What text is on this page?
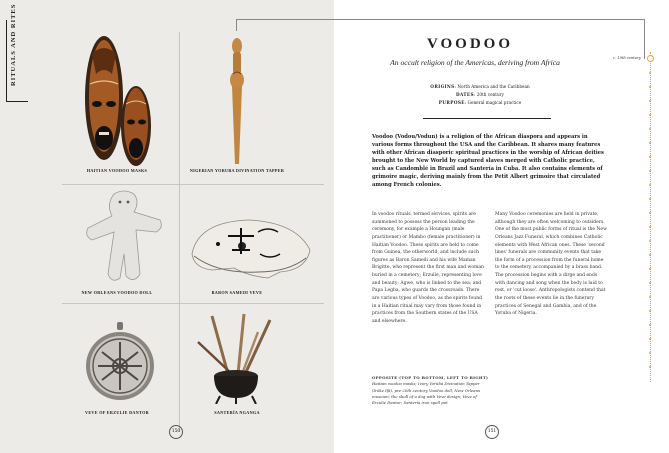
RITUALS AND RITES
HAITIAN VOODOO MASKS	NIGERIAN YORUBA DIVINATION TAPPER
NEW ORLEANS VOODOO DOLL	BARON SAMEDI VEVE
VEVE OF ERZULIE DANTOR	SANTERÍA NGANGA
150
c. 19th century
VOODOO
An occult religion of the Americas, deriving from Africa
ORIGINS: North America and the Caribbean
DATES: 20th century
PURPOSE: General magical practice
Voodoo (Vodou/Vodun) is a religion of the African diaspora and appears in various forms throughout the USA and the Caribbean. It shares many features with other African diasporic spiritual practices in the worship of African deities brought to the New World by captured slaves merged with Catholic practice, such as Candomblé in Brazil and Santería in Cuba. It also contains elements of grimoire magic, deriving mainly from the Petit Albert grimoire that circulated among French colonies.
In voodoo rituals, termed sèrvices, spirits are summoned to possess the person leading the ceremony, for example a Houngan (male practitioner) or Mambo (female practitioner) in Haitian Voodoo. These spirits are held to come from Guinea, the otherworld, and include such figures as Baron Samedi and his wife Maman Brigitte, who represent the first man and woman buried in a cemetery; Erzulie, representing love and beauty; Agwe, who is linked to the sea; and Papa Legba, who guards the crossroads. There are various types of Voodoo, as the spirits found in a Haitian ritual may vary from those found in practices from the Southern states of the USA and elsewhere.
Many Voodoo ceremonies are held in private, although they are often welcoming to outsiders. One of the most public forms of ritual is the New Orleans Jazz Funeral, which combines Catholic elements with West African ones. These 'second lines' funerals are community events that take the form of a procession from the funeral home to the cemetery, accompanied by a brass band. The procession begins with a dirge and ends with dancing and song when the body is laid to rest, or 'cut loose'. Anthropologists contend that the roots of these events lie in the funerary practices of Senegal and Gambia, and of the Yoruba of Nigeria.
OPPOSITE (TOP TO BOTTOM, LEFT TO RIGHT)
Haitian voodoo masks; Ivory Yorùbá Divination Tapper (Iròke Ifá), pre-20th century Voodoo doll; New Orleans museum; the skull of a dog with Veve design; Veve of Erzulie Dantor; Santería iron spell pot
151
